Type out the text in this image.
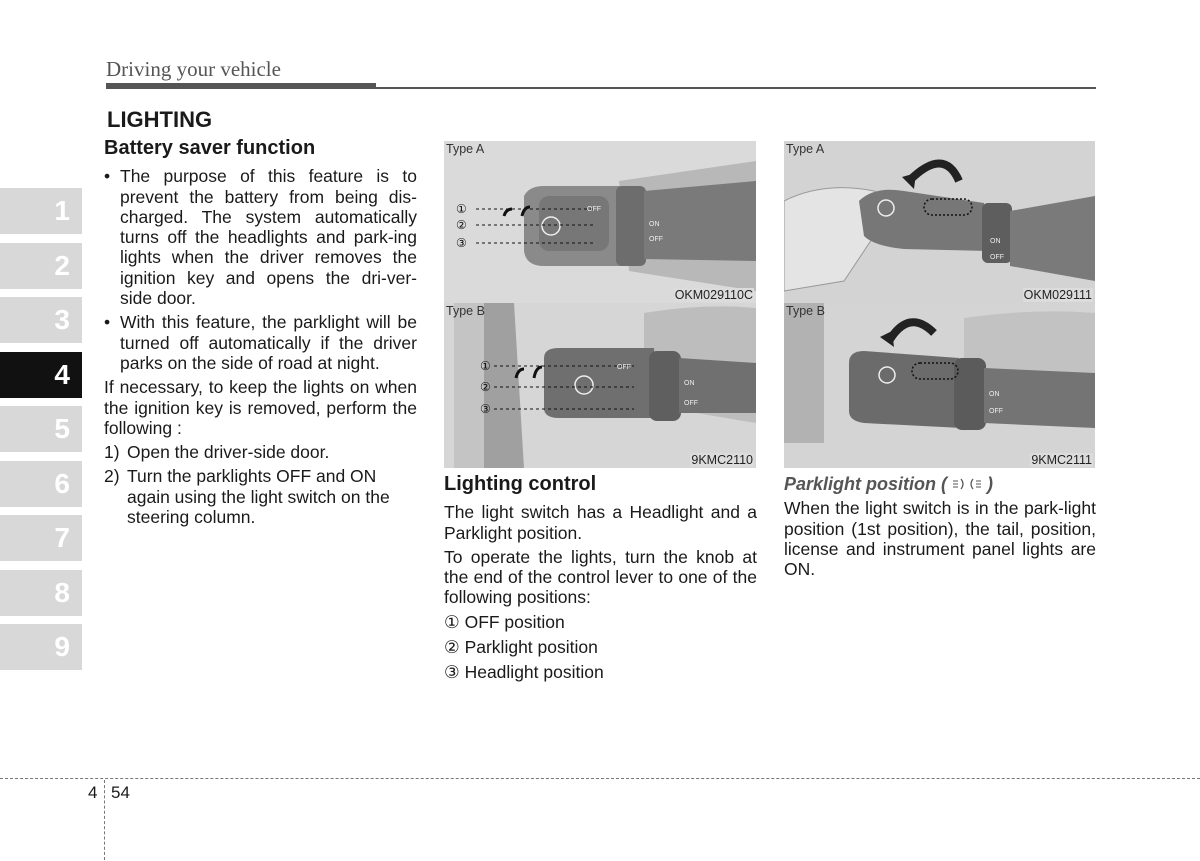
Driving your vehicle
1
2
3
4
5
6
7
8
9
LIGHTING
Battery saver function
• The purpose of this feature is to prevent the battery from being dis-charged. The system automatically turns off the headlights and park-ing lights when the driver removes the ignition key and opens the dri-ver- side door.
• With this feature, the parklight will be turned off automatically if the driver parks on the side of road at night.
If necessary, to keep the lights on when the ignition key is removed, perform the following :
1) Open the driver-side door.
2) Turn the parklights OFF and ON again using the light switch on the steering column.
①
②
③
OFF
ON
OFF
Type A
OKM029110C
①
②
③
OFF
ON
OFF
Type B
9KMC2110
ON
OFF
Type A
OKM029111
ON
OFF
Type B
9KMC2111
Lighting control
The light switch has a Headlight and a Parklight position.
To operate the lights, turn the knob at the end of the control lever to one of the following positions:
① OFF position
② Parklight position
③ Headlight position
Parklight position ( )
When the light switch is in the park-light position (1st position), the tail, position, license and instrument panel lights are ON.
4 54
